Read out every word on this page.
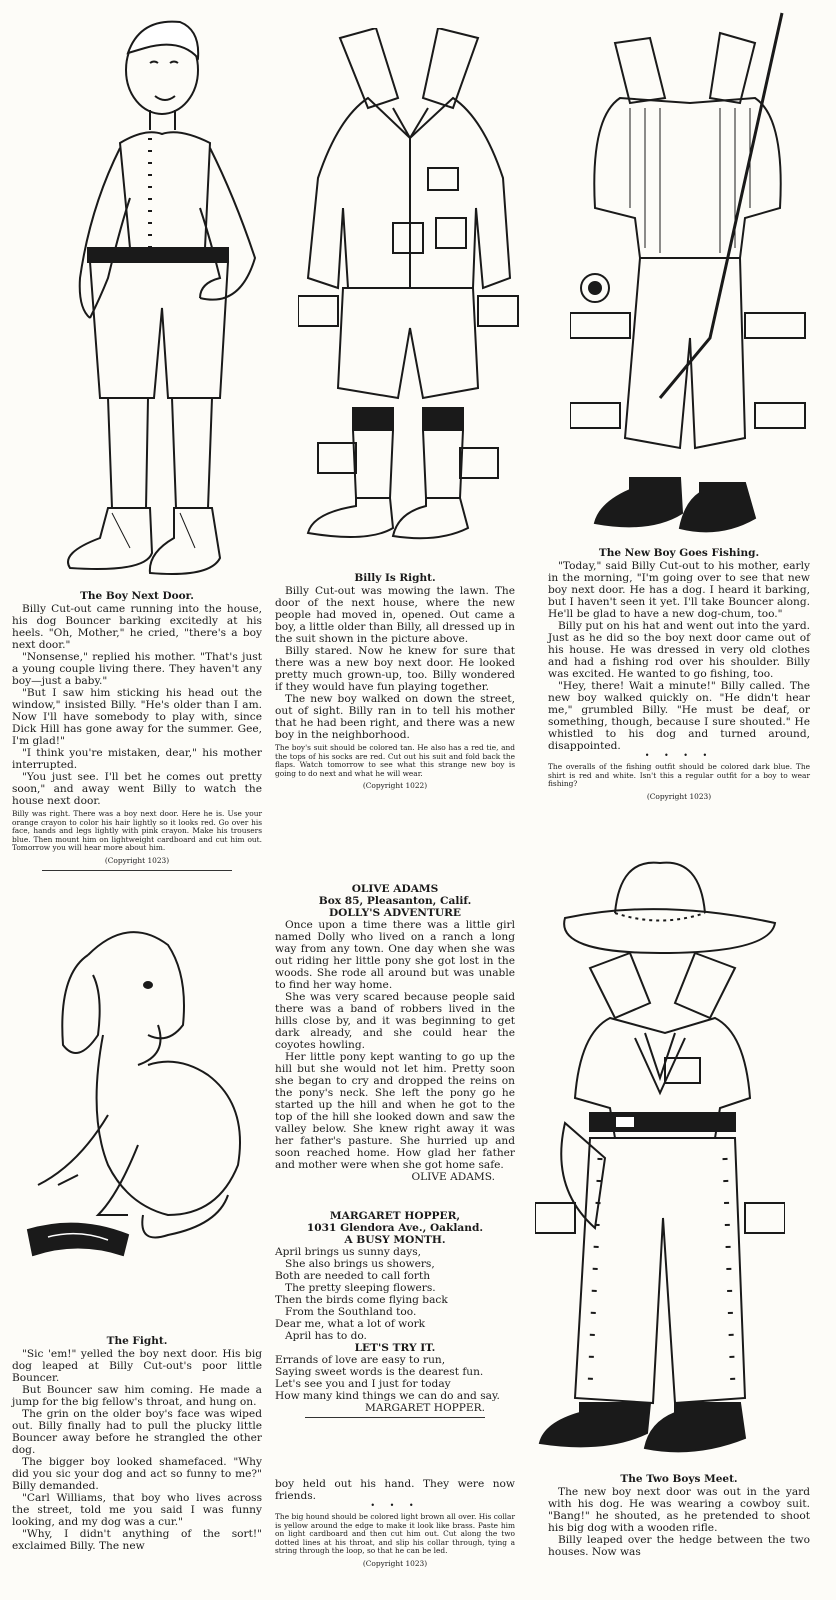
The Boy Next Door.

Billy Cut-out came running into the house, his dog Bouncer barking excitedly at his heels. "Oh, Mother," he cried, "there's a boy next door."

"Nonsense," replied his mother. "That's just a young couple living there. They haven't any boy—just a baby."

"But I saw him sticking his head out the window," insisted Billy. "He's older than I am. Now I'll have somebody to play with, since Dick Hill has gone away for the summer. Gee, I'm glad!"

"I think you're mistaken, dear," his mother interrupted.

"You just see. I'll bet he comes out pretty soon," and away went Billy to watch the house next door.

Billy was right. There was a boy next door. Here he is. Use your orange crayon to color his hair lightly so it looks red. Go over his face, hands and legs lightly with pink crayon. Make his trousers blue. Then mount him on lightweight cardboard and cut him out. Tomorrow you will hear more about him.
(Copyright 1023)
The Fight.

"Sic 'em!" yelled the boy next door. His big dog leaped at Billy Cut-out's poor little Bouncer.

But Bouncer saw him coming. He made a jump for the big fellow's throat, and hung on.

The grin on the older boy's face was wiped out. Billy finally had to pull the plucky little Bouncer away before he strangled the other dog.

The bigger boy looked shamefaced. "Why did you sic your dog and act so funny to me?" Billy demanded.

"Carl Williams, that boy who lives across the street, told me you said I was funny looking, and my dog was a cur."

"Why, I didn't anything of the sort!" exclaimed Billy. The new

Billy Is Right.

Billy Cut-out was mowing the lawn. The door of the next house, where the new people had moved in, opened. Out came a boy, a little older than Billy, all dressed up in the suit shown in the picture above.

Billy stared. Now he knew for sure that there was a new boy next door. He looked pretty much grown-up, too. Billy wondered if they would have fun playing together.

The new boy walked on down the street, out of sight. Billy ran in to tell his mother that he had been right, and there was a new boy in the neighborhood.

The boy's suit should be colored tan. He also has a red tie, and the tops of his socks are red. Cut out his suit and fold back the flaps. Watch tomorrow to see what this strange new boy is going to do next and what he will wear.
(Copyright 1022)
OLIVE ADAMS
Box 85, Pleasanton, Calif.
DOLLY'S ADVENTURE

Once upon a time there was a little girl named Dolly who lived on a ranch a long way from any town. One day when she was out riding her little pony she got lost in the woods. She rode all around but was unable to find her way home.

She was very scared because people said there was a band of robbers lived in the hills close by, and it was beginning to get dark already, and she could hear the coyotes howling.

Her little pony kept wanting to go up the hill but she would not let him. Pretty soon she began to cry and dropped the reins on the pony's neck. She left the pony go he started up the hill and when he got to the top of the hill she looked down and saw the valley below. She knew right away it was her father's pasture. She hurried up and soon reached home. How glad her father and mother were when she got home safe.

OLIVE ADAMS.
MARGARET HOPPER,
1031 Glendora Ave., Oakland.
A BUSY MONTH.
April brings us sunny days,
She also brings us showers,
Both are needed to call forth
The pretty sleeping flowers.
Then the birds come flying back
From the Southland too.
Dear me, what a lot of work
April has to do.
LET'S TRY IT.
Errands of love are easy to run,
Saying sweet words is the dearest fun.
Let's see you and I just for today
How many kind things we can do and say.
MARGARET HOPPER.

boy held out his hand. They were now friends.

• • •
The big hound should be colored light brown all over. His collar is yellow around the edge to make it look like brass. Paste him on light cardboard and then cut him out. Cut along the two dotted lines at his throat, and slip his collar through, tying a string through the loop, so that he can be led.
(Copyright 1023)
The New Boy Goes Fishing.

"Today," said Billy Cut-out to his mother, early in the morning, "I'm going over to see that new boy next door. He has a dog. I heard it barking, but I haven't seen it yet. I'll take Bouncer along. He'll be glad to have a new dog-chum, too."

Billy put on his hat and went out into the yard. Just as he did so the boy next door came out of his house. He was dressed in very old clothes and had a fishing rod over his shoulder. Billy was excited. He wanted to go fishing, too.

"Hey, there! Wait a minute!" Billy called. The new boy walked quickly on. "He didn't hear me," grumbled Billy. "He must be deaf, or something, though, because I sure shouted." He whistled to his dog and turned around, disappointed.

• • • •
The overalls of the fishing outfit should be colored dark blue. The shirt is red and white. Isn't this a regular outfit for a boy to wear fishing?
(Copyright 1023)
The Two Boys Meet.

The new boy next door was out in the yard with his dog. He was wearing a cowboy suit. "Bang!" he shouted, as he pretended to shoot his big dog with a wooden rifle.

Billy leaped over the hedge between the two houses. Now was
